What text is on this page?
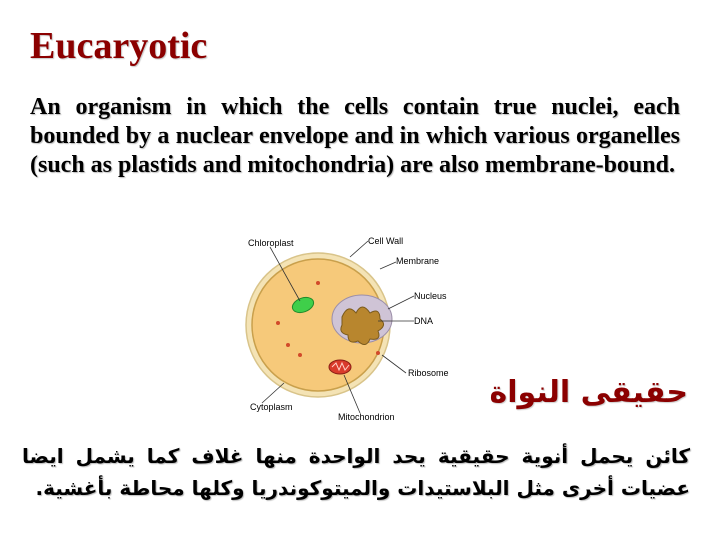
Eucaryotic
An organism in which the cells contain true nuclei, each bounded by a nuclear envelope and in which various organelles (such as plastids and mitochondria) are also membrane-bound.
Chloroplast	Cell Wall
Membrane
Nucleus
DNA
Ribosome
Cytoplasm
Mitochondrion
حقيقى النواة
كائن يحمل أنوية حقيقية يحد الواحدة منها غلاف كما يشمل ايضا عضيات أخرى مثل البلاستيدات والميتوكوندريا وكلها محاطة بأغشية.
